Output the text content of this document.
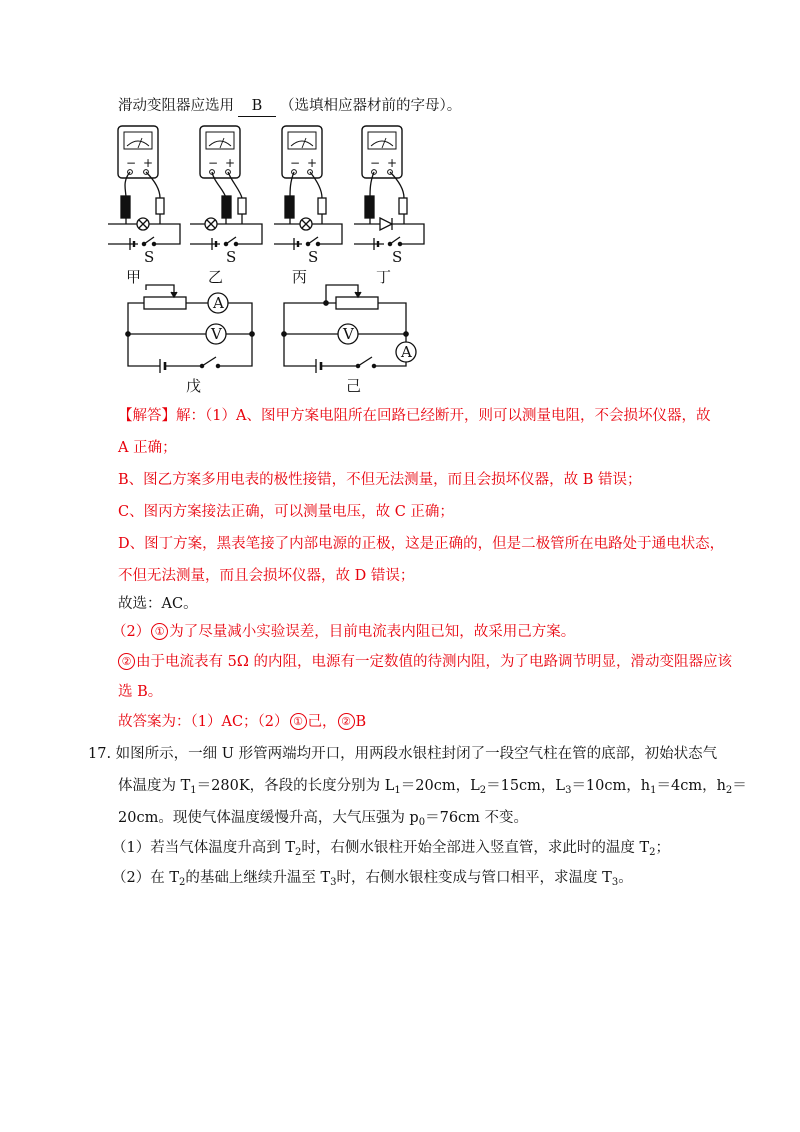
滑动变阻器应选用 B （选填相应器材前的字母）。
− +	− +	− +	− +
S
甲
S
乙
S
丙
S
丁
A
V
戊
V
A
己
【解答】解：（1）A、图甲方案电阻所在回路已经断开，则可以测量电阻，不会损坏仪器，故
A 正确；
B、图乙方案多用电表的极性接错，不但无法测量，而且会损坏仪器，故 B 错误；
C、图丙方案接法正确，可以测量电压，故 C 正确；
D、图丁方案，黑表笔接了内部电源的正极，这是正确的，但是二极管所在电路处于通电状态，
不但无法测量，而且会损坏仪器，故 D 错误；
故选：AC。
（2） ① 为了尽量减小实验误差，目前电流表内阻已知，故采用己方案。
② 由于电流表有 5Ω 的内阻，电源有一定数值的待测内阻，为了电路调节明显，滑动变阻器应该
选 B。
故答案为：（1）AC；（2） ① 己， ② B
17. 如图所示，一细 U 形管两端均开口，用两段水银柱封闭了一段空气柱在管的底部，初始状态气
体温度为 $T_1=280K$，各段的长度分别为 $L_1=20cm$，$L_2=15cm$，$L_3=10cm$，$h_1=4cm$，$h_2=$
20cm。现使气体温度缓慢升高，大气压强为 $p_0=76cm$ 不变。
（1）若当气体温度升高到 $T_2$时，右侧水银柱开始全部进入竖直管，求此时的温度 $T_2$；
（2）在 $T_2$的基础上继续升温至 $T_3$时，右侧水银柱变成与管口相平，求温度 $T_3$。
